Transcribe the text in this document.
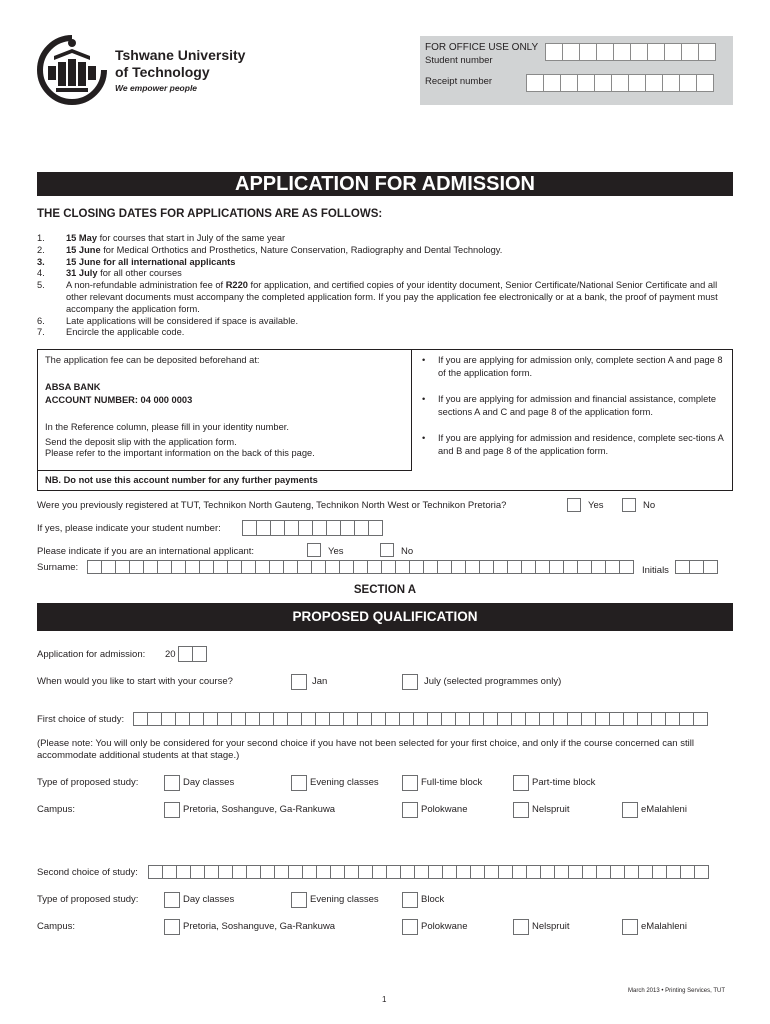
Tshwane University
of Technology
We empower people
FOR OFFICE USE ONLY
Student number
Receipt number
APPLICATION FOR ADMISSION
THE CLOSING DATES FOR APPLICATIONS ARE AS FOLLOWS:
1.	15 May for courses that start in July of the same year
2.	15 June for Medical Orthotics and Prosthetics, Nature Conservation, Radiography and Dental Technology.
3.	15 June for all international applicants
4.	31 July for all other courses
5.	A non-refundable administration fee of R220 for application, and certified copies of your identity document, Senior Certificate/National Senior Certificate and all other relevant documents must accompany the completed application form. If you pay the application fee electronically or at a bank, the proof of payment must accompany the application form.
6.	Late applications will be considered if space is available.
7.	Encircle the applicable code.
The application fee can be deposited beforehand at:
ABSA BANK
ACCOUNT NUMBER: 04 000 0003
In the Reference column, please fill in your identity number.
Send the deposit slip with the application form.
Please refer to the important information on the back of this page.
NB. Do not use this account number for any further payments
•	If you are applying for admission only, complete section A and page 8 of the application form.
•	If you are applying for admission and financial assistance, complete sections A and C and page 8 of the application form.
•	If you are applying for admission and residence, complete sec-tions A and B and page 8 of the application form.
Were you previously registered at TUT, Technikon North Gauteng, Technikon North West or Technikon Pretoria?	Yes	No
If yes, please indicate your student number:
Please indicate if you are an international applicant:	Yes	No
Surname:	Initials
SECTION A
PROPOSED QUALIFICATION
Application for admission: 20
When would you like to start with your course?	Jan	July (selected programmes only)
First choice of study:
(Please note: You will only be considered for your second choice if you have not been selected for your first choice, and only if the course concerned can still accommodate additional students at that stage.)
Type of proposed study:	Day classes	Evening classes	Full-time block	Part-time block
Campus:	Pretoria, Soshanguve, Ga-Rankuwa	Polokwane	Nelspruit	eMalahleni
Second choice of study:
Type of proposed study:	Day classes	Evening classes	Block
Campus:	Pretoria, Soshanguve, Ga-Rankuwa	Polokwane	Nelspruit	eMalahleni
March 2013 • Printing Services, TUT
1
